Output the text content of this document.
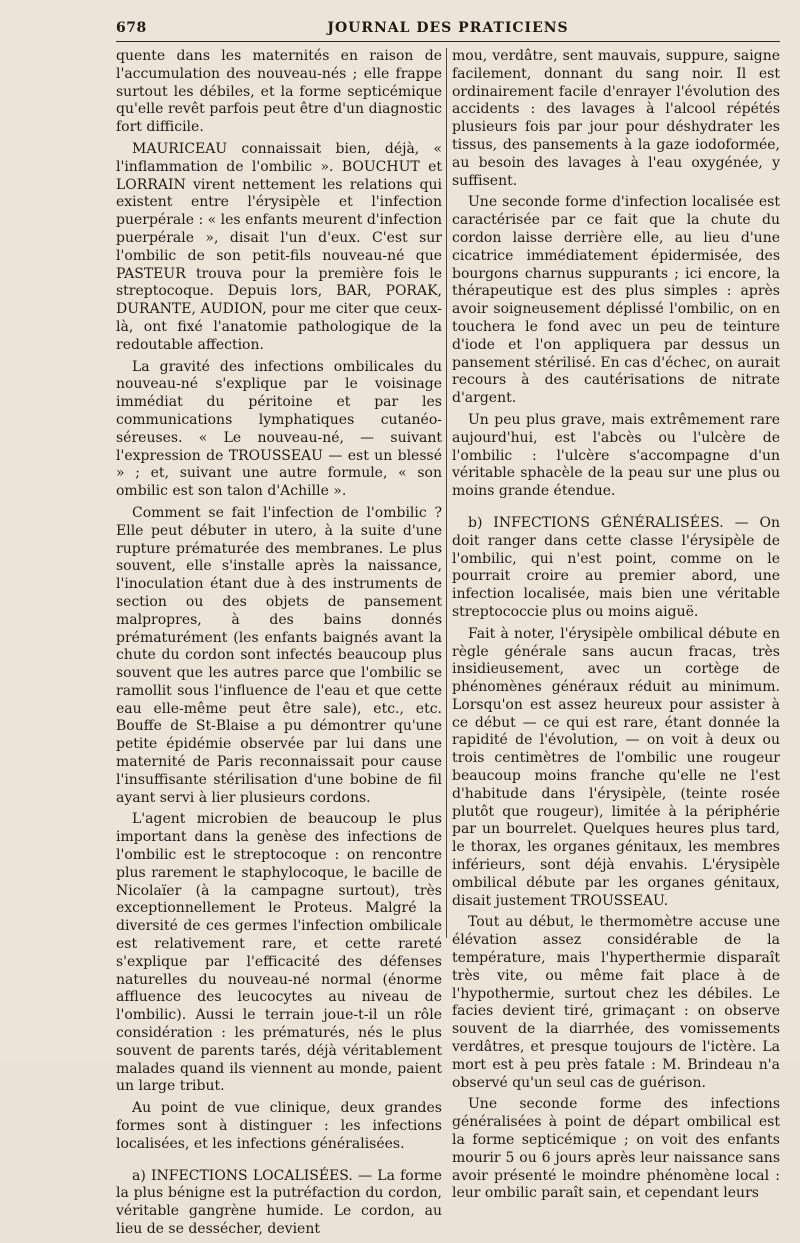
678	JOURNAL DES PRATICIENS

quente dans les maternités en raison de l'accumulation des nouveau-nés ; elle frappe surtout les débiles, et la forme septicémique qu'elle revêt parfois peut être d'un diagnostic fort difficile.

MAURICEAU connaissait bien, déjà, « l'inflammation de l'ombilic ». BOUCHUT et LORRAIN virent nettement les relations qui existent entre l'érysipèle et l'infection puerpérale : « les enfants meurent d'infection puerpérale », disait l'un d'eux. C'est sur l'ombilic de son petit-fils nouveau-né que PASTEUR trouva pour la première fois le streptocoque. Depuis lors, BAR, PORAK, DURANTE, AUDION, pour me citer que ceux-là, ont fixé l'anatomie pathologique de la redoutable affection.

La gravité des infections ombilicales du nouveau-né s'explique par le voisinage immédiat du péritoine et par les communications lymphatiques cutanéo-séreuses. « Le nouveau-né, — suivant l'expression de TROUSSEAU — est un blessé » ; et, suivant une autre formule, « son ombilic est son talon d'Achille ».

Comment se fait l'infection de l'ombilic ? Elle peut débuter in utero, à la suite d'une rupture prématurée des membranes. Le plus souvent, elle s'installe après la naissance, l'inoculation étant due à des instruments de section ou des objets de pansement malpropres, à des bains donnés prématurément (les enfants baignés avant la chute du cordon sont infectés beaucoup plus souvent que les autres parce que l'ombilic se ramollit sous l'influence de l'eau et que cette eau elle-même peut être sale), etc., etc. Bouffe de St-Blaise a pu démontrer qu'une petite épidémie observée par lui dans une maternité de Paris reconnaissait pour cause l'insuffisante stérilisation d'une bobine de fil ayant servi à lier plusieurs cordons.

L'agent microbien de beaucoup le plus important dans la genèse des infections de l'ombilic est le streptocoque : on rencontre plus rarement le staphylocoque, le bacille de Nicolaïer (à la campagne surtout), très exceptionnellement le Proteus. Malgré la diversité de ces germes l'infection ombilicale est relativement rare, et cette rareté s'explique par l'efficacité des défenses naturelles du nouveau-né normal (énorme affluence des leucocytes au niveau de l'ombilic). Aussi le terrain joue-t-il un rôle considération : les prématurés, nés le plus souvent de parents tarés, déjà véritablement malades quand ils viennent au monde, paient un large tribut.

Au point de vue clinique, deux grandes formes sont à distinguer : les infections localisées, et les infections généralisées.

a) INFECTIONS LOCALISÉES. — La forme la plus bénigne est la putréfaction du cordon, véritable gangrène humide. Le cordon, au lieu de se dessécher, devient

mou, verdâtre, sent mauvais, suppure, saigne facilement, donnant du sang noir. Il est ordinairement facile d'enrayer l'évolution des accidents : des lavages à l'alcool répétés plusieurs fois par jour pour déshydrater les tissus, des pansements à la gaze iodoformée, au besoin des lavages à l'eau oxygénée, y suffisent.

Une seconde forme d'infection localisée est caractérisée par ce fait que la chute du cordon laisse derrière elle, au lieu d'une cicatrice immédiatement épidermisée, des bourgons charnus suppurants ; ici encore, la thérapeutique est des plus simples : après avoir soigneusement déplissé l'ombilic, on en touchera le fond avec un peu de teinture d'iode et l'on appliquera par dessus un pansement stérilisé. En cas d'échec, on aurait recours à des cautérisations de nitrate d'argent.

Un peu plus grave, mais extrêmement rare aujourd'hui, est l'abcès ou l'ulcère de l'ombilic : l'ulcère s'accompagne d'un véritable sphacèle de la peau sur une plus ou moins grande étendue.

b) INFECTIONS GÉNÉRALISÉES. — On doit ranger dans cette classe l'érysipèle de l'ombilic, qui n'est point, comme on le pourrait croire au premier abord, une infection localisée, mais bien une véritable streptococcie plus ou moins aiguë.

Fait à noter, l'érysipèle ombilical débute en règle générale sans aucun fracas, très insidieusement, avec un cortège de phénomènes généraux réduit au minimum. Lorsqu'on est assez heureux pour assister à ce début — ce qui est rare, étant donnée la rapidité de l'évolution, — on voit à deux ou trois centimètres de l'ombilic une rougeur beaucoup moins franche qu'elle ne l'est d'habitude dans l'érysipèle, (teinte rosée plutôt que rougeur), limitée à la périphérie par un bourrelet. Quelques heures plus tard, le thorax, les organes génitaux, les membres inférieurs, sont déjà envahis. L'érysipèle ombilical débute par les organes génitaux, disait justement TROUSSEAU.

Tout au début, le thermomètre accuse une élévation assez considérable de la température, mais l'hyperthermie disparaît très vite, ou même fait place à de l'hypothermie, surtout chez les débiles. Le facies devient tiré, grimaçant : on observe souvent de la diarrhée, des vomissements verdâtres, et presque toujours de l'ictère. La mort est à peu près fatale : M. Brindeau n'a observé qu'un seul cas de guérison.

Une seconde forme des infections généralisées à point de départ ombilical est la forme septicémique ; on voit des enfants mourir 5 ou 6 jours après leur naissance sans avoir présenté le moindre phénomène local : leur ombilic paraît sain, et cependant leurs
